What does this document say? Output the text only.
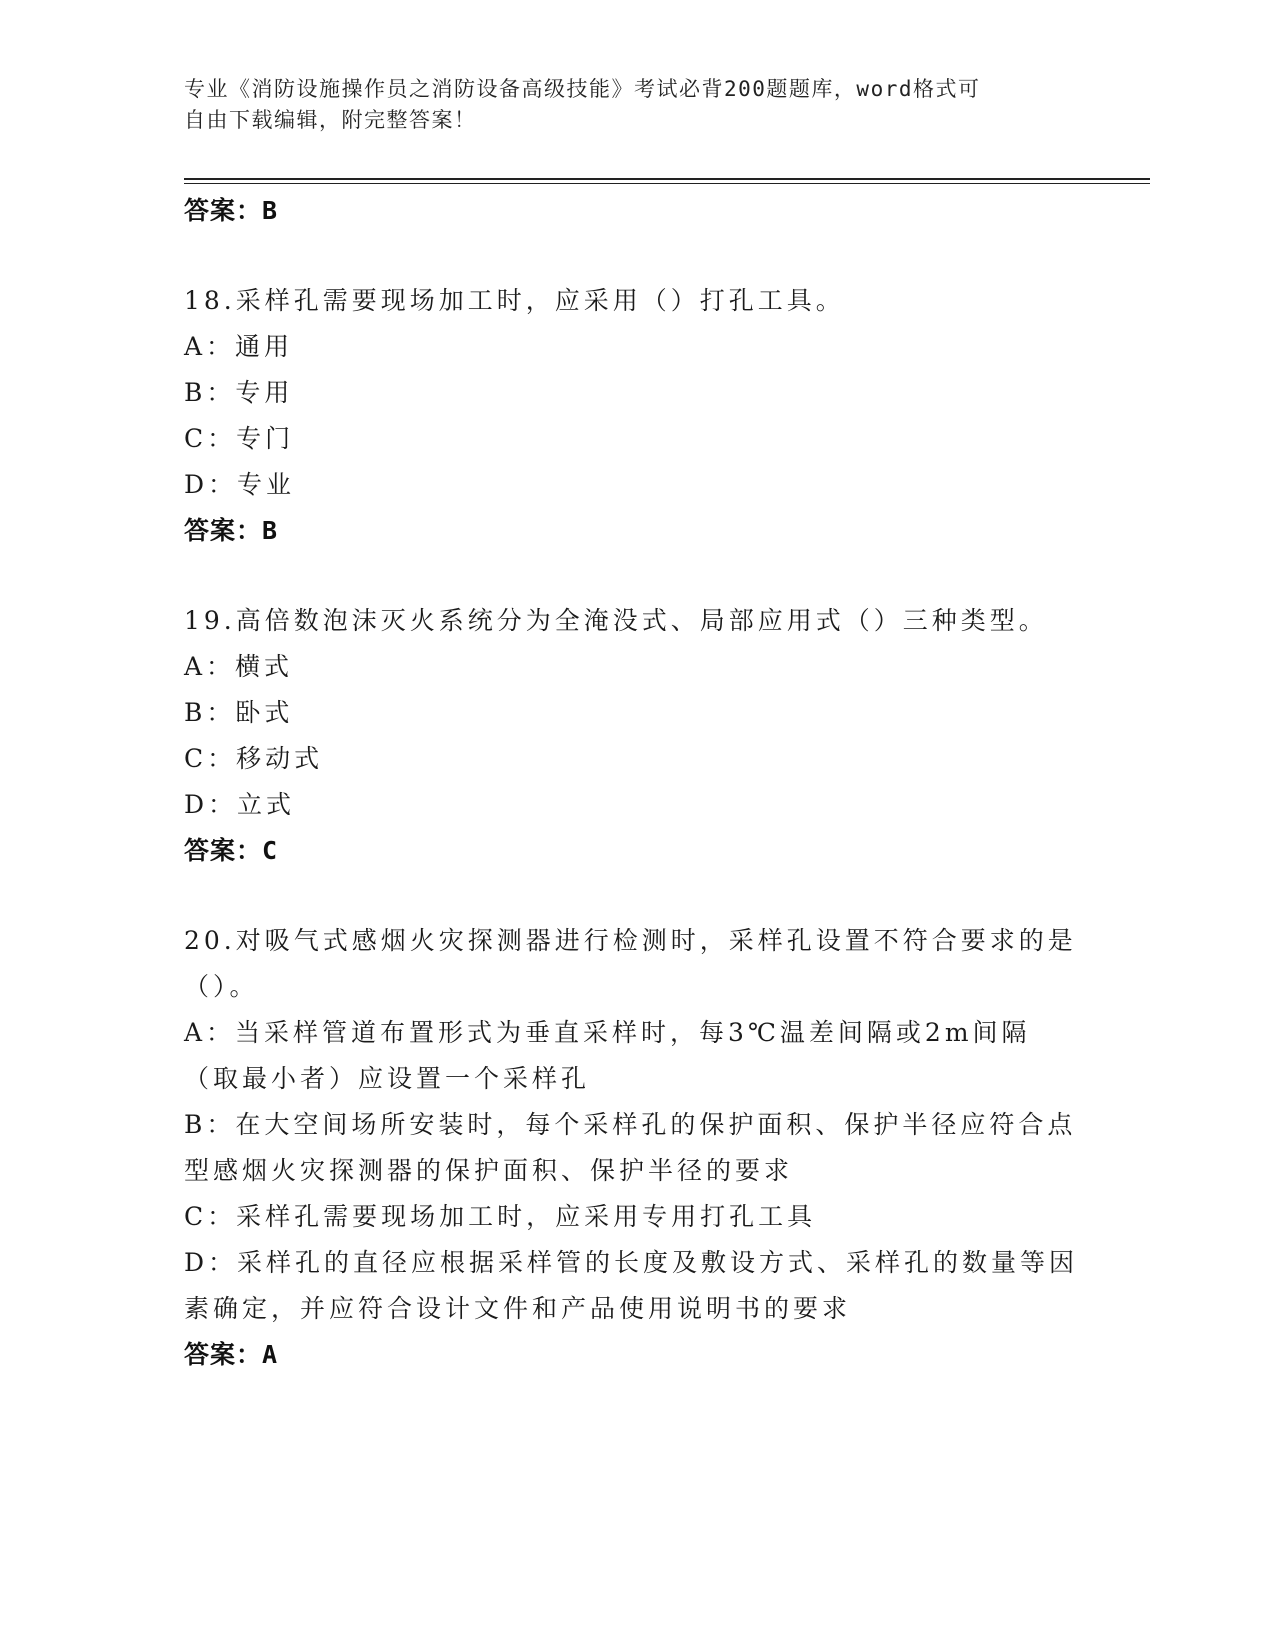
专业《消防设施操作员之消防设备高级技能》考试必背200题题库，word格式可
自由下载编辑，附完整答案！
答案：B
18.采样孔需要现场加工时，应采用（）打孔工具。
A：通用
B：专用
C：专门
D：专业
答案：B
19.高倍数泡沫灭火系统分为全淹没式、局部应用式（）三种类型。
A：横式
B：卧式
C：移动式
D：立式
答案：C
20.对吸气式感烟火灾探测器进行检测时，采样孔设置不符合要求的是（）。
A：当采样管道布置形式为垂直采样时，每3℃温差间隔或2m间隔（取最小者）应设置一个采样孔
B：在大空间场所安装时，每个采样孔的保护面积、保护半径应符合点型感烟火灾探测器的保护面积、保护半径的要求
C：采样孔需要现场加工时，应采用专用打孔工具
D：采样孔的直径应根据采样管的长度及敷设方式、采样孔的数量等因素确定，并应符合设计文件和产品使用说明书的要求
答案：A
